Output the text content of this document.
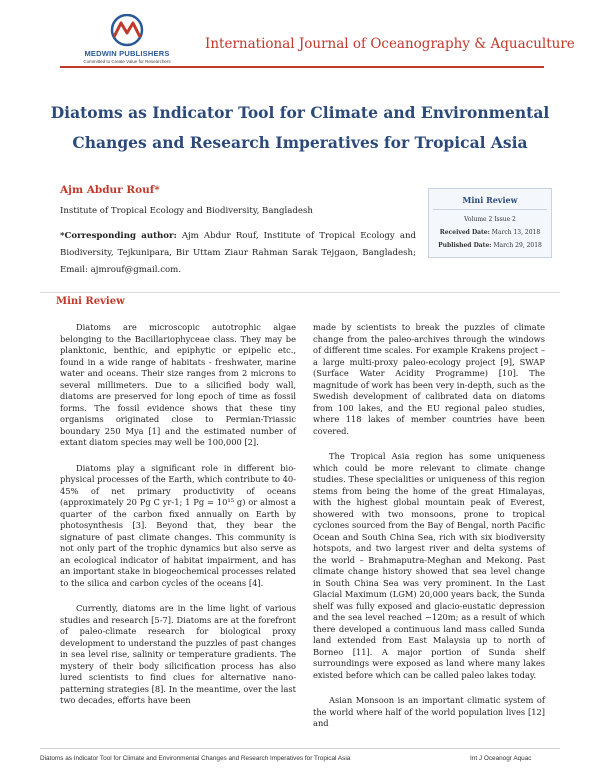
MEDWIN PUBLISHERS
Committed to Create Value for Researchers
International Journal of Oceanography & Aquaculture
Diatoms as Indicator Tool for Climate and Environmental Changes and Research Imperatives for Tropical Asia
Ajm Abdur Rouf*
Institute of Tropical Ecology and Biodiversity, Bangladesh
*Corresponding author: Ajm Abdur Rouf, Institute of Tropical Ecology and Biodiversity, Tejkunipara, Bir Uttam Ziaur Rahman Sarak Tejgaon, Bangladesh; Email: ajmrouf@gmail.com.
Mini Review
Volume 2 Issue 2
Received Date: March 13, 2018
Published Date: March 29, 2018
Mini Review

Diatoms are microscopic autotrophic algae belonging to the Bacillariophyceae class. They may be planktonic, benthic, and epiphytic or epipelic etc., found in a wide range of habitats - freshwater, marine water and oceans. Their size ranges from 2 microns to several millimeters. Due to a silicified body wall, diatoms are preserved for long epoch of time as fossil forms. The fossil evidence shows that these tiny organisms originated close to Permian-Triassic boundary 250 Mya [1] and the estimated number of extant diatom species may well be 100,000 [2].

Diatoms play a significant role in different bio-physical processes of the Earth, which contribute to 40-45% of net primary productivity of oceans (approximately 20 Pg C yr-1; 1 Pg = 10¹⁵ g) or almost a quarter of the carbon fixed annually on Earth by photosynthesis [3]. Beyond that, they bear the signature of past climate changes. This community is not only part of the trophic dynamics but also serve as an ecological indicator of habitat impairment, and has an important stake in biogeochemical processes related to the silica and carbon cycles of the oceans [4].

Currently, diatoms are in the lime light of various studies and research [5-7]. Diatoms are at the forefront of paleo-climate research for biological proxy development to understand the puzzles of past changes in sea level rise, salinity or temperature gradients. The mystery of their body silicification process has also lured scientists to find clues for alternative nano-patterning strategies [8]. In the meantime, over the last two decades, efforts have been

made by scientists to break the puzzles of climate change from the paleo-archives through the windows of different time scales. For example Krakens project – a large multi-proxy paleo-ecology project [9], SWAP (Surface Water Acidity Programme) [10]. The magnitude of work has been very in-depth, such as the Swedish development of calibrated data on diatoms from 100 lakes, and the EU regional paleo studies, where 118 lakes of member countries have been covered.

The Tropical Asia region has some uniqueness which could be more relevant to climate change studies. These specialities or uniqueness of this region stems from being the home of the great Himalayas, with the highest global mountain peak of Everest, showered with two monsoons, prone to tropical cyclones sourced from the Bay of Bengal, north Pacific Ocean and South China Sea, rich with six biodiversity hotspots, and two largest river and delta systems of the world – Brahmaputra-Meghan and Mekong. Past climate change history showed that sea level change in South China Sea was very prominent. In the Last Glacial Maximum (LGM) 20,000 years back, the Sunda shelf was fully exposed and glacio-eustatic depression and the sea level reached ~120m; as a result of which there developed a continuous land mass called Sunda land extended from East Malaysia up to north of Borneo [11]. A major portion of Sunda shelf surroundings were exposed as land where many lakes existed before which can be called paleo lakes today.

Asian Monsoon is an important climatic system of the world where half of the world population lives [12] and

Diatoms as Indicator Tool for Climate and Environmental Changes and Research Imperatives for Tropical Asia	Int J Oceanogr Aquac
